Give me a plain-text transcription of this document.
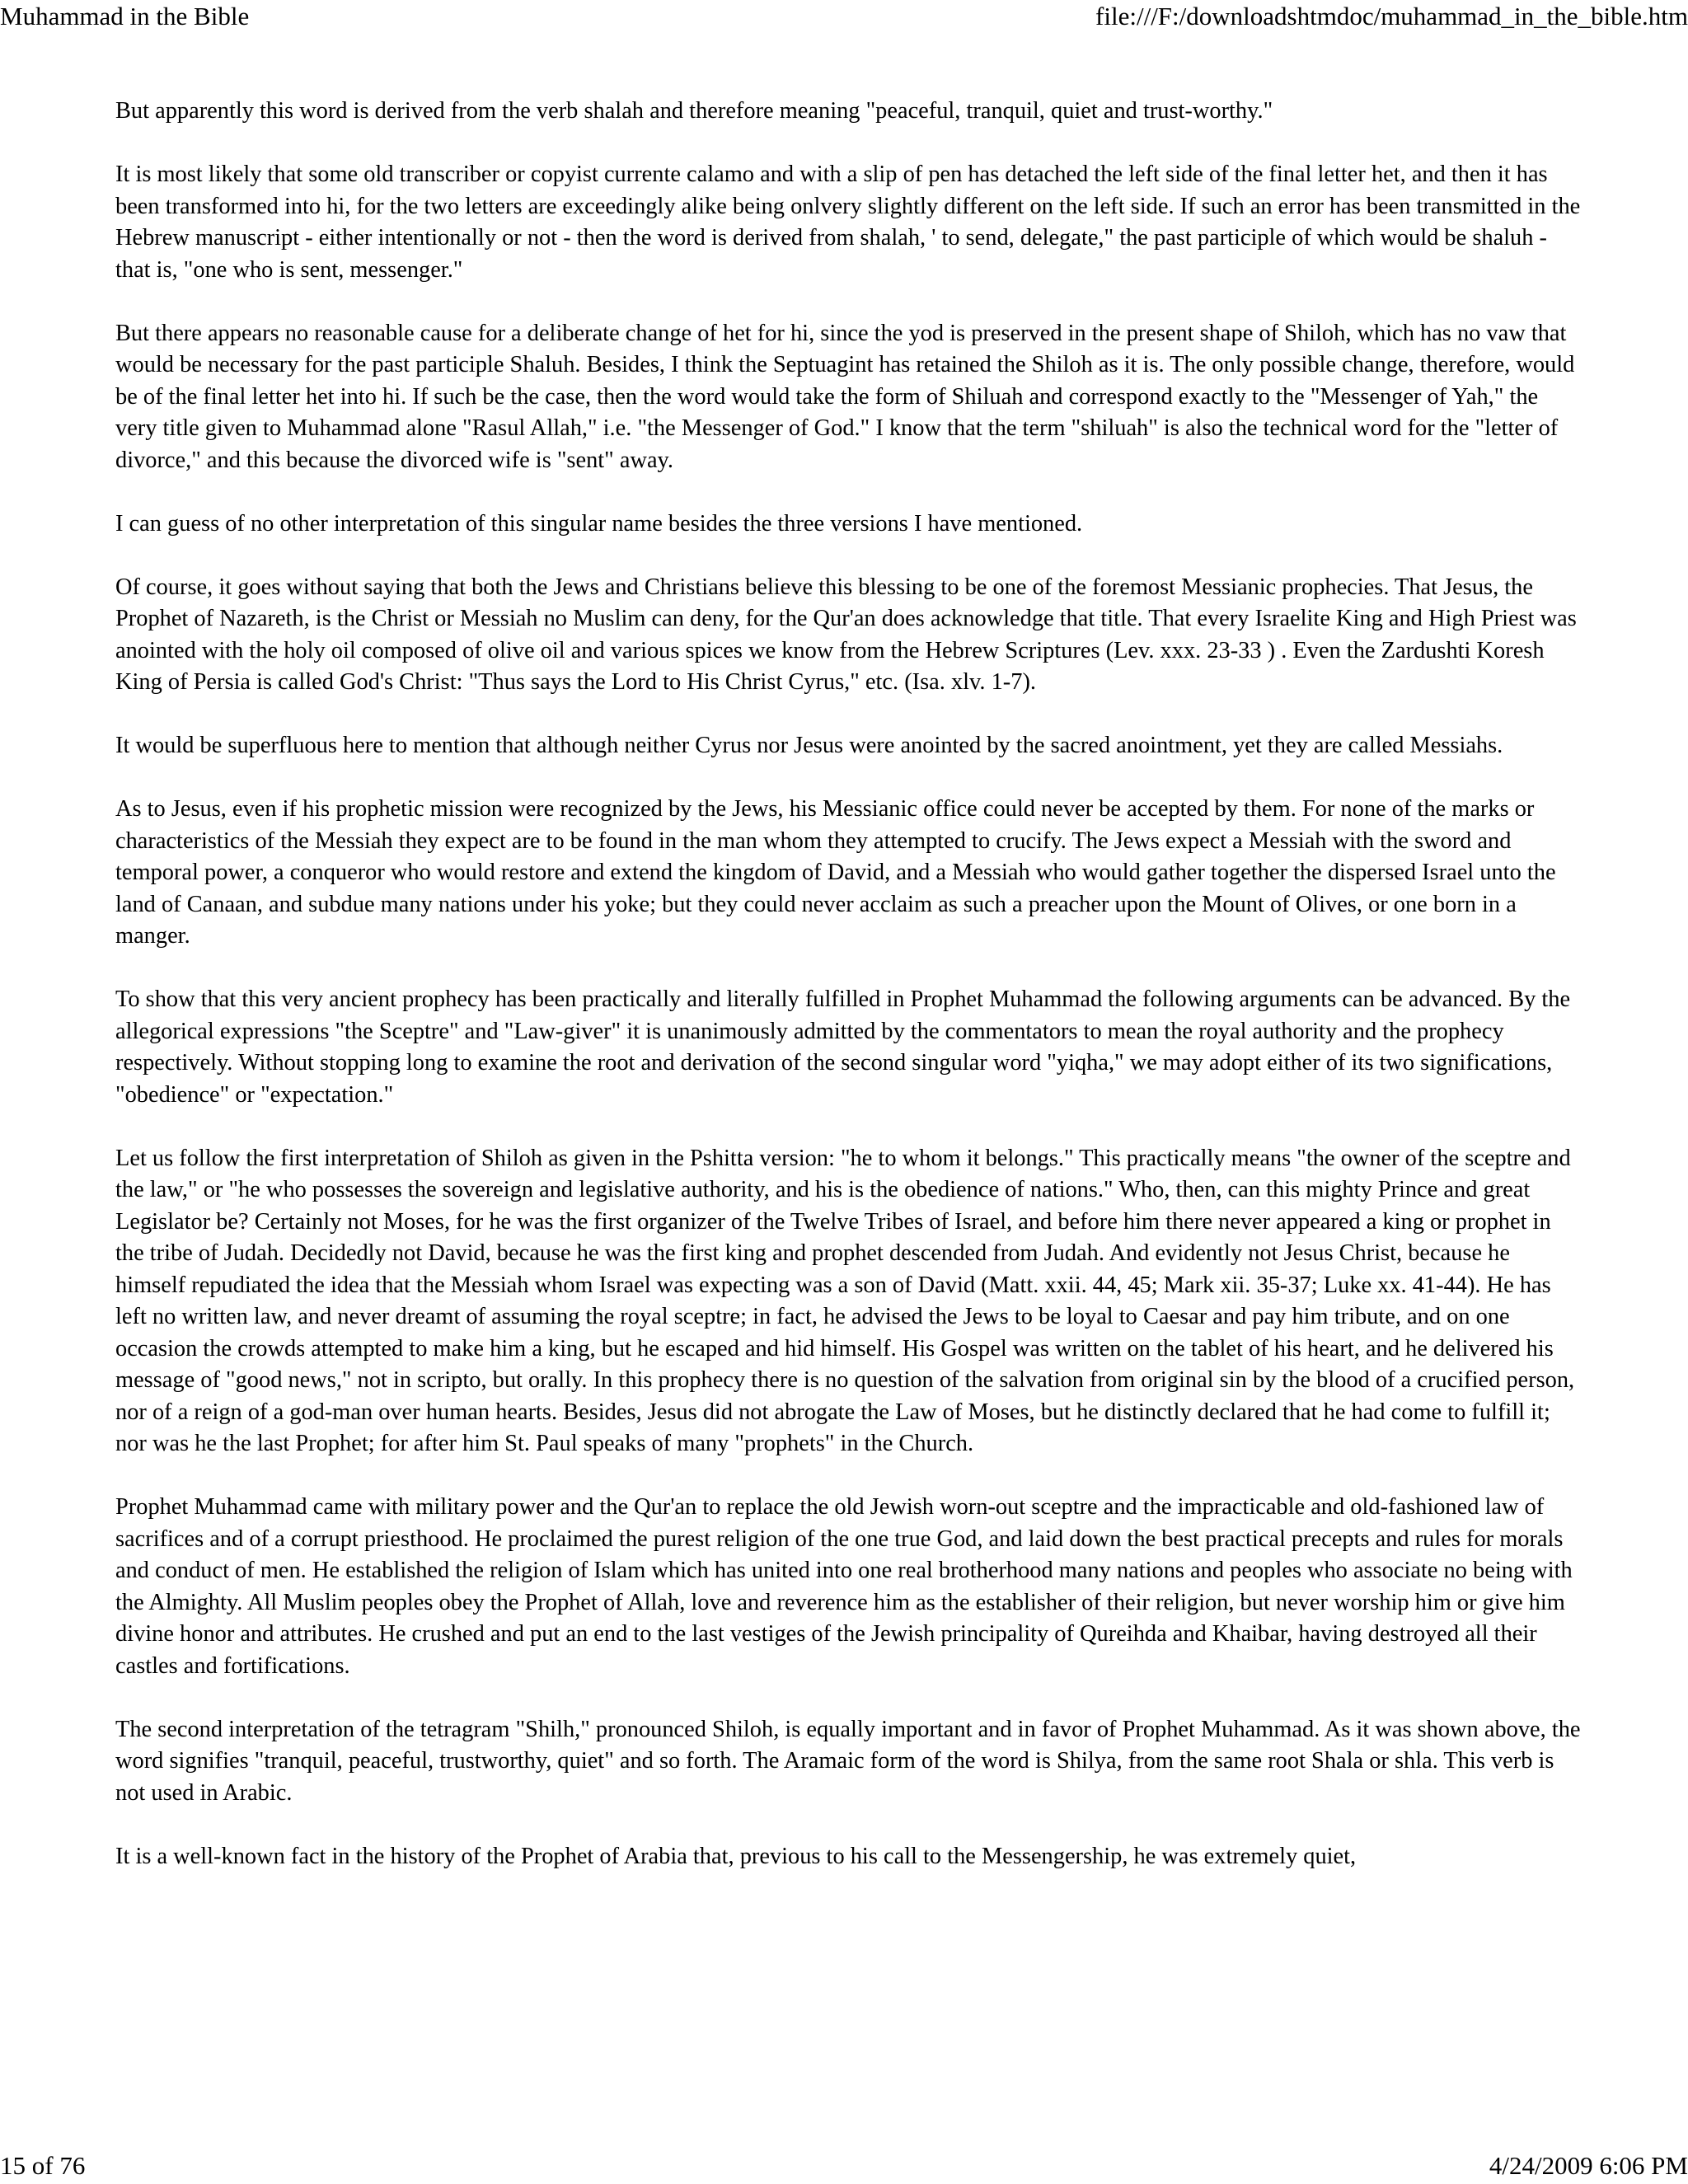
Muhammad in the Bible	file:///F:/downloadshtmdoc/muhammad_in_the_bible.htm

But apparently this word is derived from the verb shalah and therefore meaning "peaceful, tranquil, quiet and trust-worthy."

It is most likely that some old transcriber or copyist currente calamo and with a slip of pen has detached the left side of the final letter het, and then it has been transformed into hi, for the two letters are exceedingly alike being onlvery slightly different on the left side. If such an error has been transmitted in the Hebrew manuscript - either intentionally or not - then the word is derived from shalah, ' to send, delegate," the past participle of which would be shaluh - that is, "one who is sent, messenger."

But there appears no reasonable cause for a deliberate change of het for hi, since the yod is preserved in the present shape of Shiloh, which has no vaw that would be necessary for the past participle Shaluh. Besides, I think the Septuagint has retained the Shiloh as it is. The only possible change, therefore, would be of the final letter het into hi. If such be the case, then the word would take the form of Shiluah and correspond exactly to the "Messenger of Yah," the very title given to Muhammad alone "Rasul Allah," i.e. "the Messenger of God." I know that the term "shiluah" is also the technical word for the "letter of divorce," and this because the divorced wife is "sent" away.

I can guess of no other interpretation of this singular name besides the three versions I have mentioned.

Of course, it goes without saying that both the Jews and Christians believe this blessing to be one of the foremost Messianic prophecies. That Jesus, the Prophet of Nazareth, is the Christ or Messiah no Muslim can deny, for the Qur'an does acknowledge that title. That every Israelite King and High Priest was anointed with the holy oil composed of olive oil and various spices we know from the Hebrew Scriptures (Lev. xxx. 23-33 ) . Even the Zardushti Koresh King of Persia is called God's Christ: "Thus says the Lord to His Christ Cyrus," etc. (Isa. xlv. 1-7).

It would be superfluous here to mention that although neither Cyrus nor Jesus were anointed by the sacred anointment, yet they are called Messiahs.

As to Jesus, even if his prophetic mission were recognized by the Jews, his Messianic office could never be accepted by them. For none of the marks or characteristics of the Messiah they expect are to be found in the man whom they attempted to crucify. The Jews expect a Messiah with the sword and temporal power, a conqueror who would restore and extend the kingdom of David, and a Messiah who would gather together the dispersed Israel unto the land of Canaan, and subdue many nations under his yoke; but they could never acclaim as such a preacher upon the Mount of Olives, or one born in a manger.

To show that this very ancient prophecy has been practically and literally fulfilled in Prophet Muhammad the following arguments can be advanced. By the allegorical expressions "the Sceptre" and "Law-giver" it is unanimously admitted by the commentators to mean the royal authority and the prophecy respectively. Without stopping long to examine the root and derivation of the second singular word "yiqha," we may adopt either of its two significations, "obedience" or "expectation."

Let us follow the first interpretation of Shiloh as given in the Pshitta version: "he to whom it belongs." This practically means "the owner of the sceptre and the law," or "he who possesses the sovereign and legislative authority, and his is the obedience of nations." Who, then, can this mighty Prince and great Legislator be? Certainly not Moses, for he was the first organizer of the Twelve Tribes of Israel, and before him there never appeared a king or prophet in the tribe of Judah. Decidedly not David, because he was the first king and prophet descended from Judah. And evidently not Jesus Christ, because he himself repudiated the idea that the Messiah whom Israel was expecting was a son of David (Matt. xxii. 44, 45; Mark xii. 35-37; Luke xx. 41-44). He has left no written law, and never dreamt of assuming the royal sceptre; in fact, he advised the Jews to be loyal to Caesar and pay him tribute, and on one occasion the crowds attempted to make him a king, but he escaped and hid himself. His Gospel was written on the tablet of his heart, and he delivered his message of "good news," not in scripto, but orally. In this prophecy there is no question of the salvation from original sin by the blood of a crucified person, nor of a reign of a god-man over human hearts. Besides, Jesus did not abrogate the Law of Moses, but he distinctly declared that he had come to fulfill it; nor was he the last Prophet; for after him St. Paul speaks of many "prophets" in the Church.

Prophet Muhammad came with military power and the Qur'an to replace the old Jewish worn-out sceptre and the impracticable and old-fashioned law of sacrifices and of a corrupt priesthood. He proclaimed the purest religion of the one true God, and laid down the best practical precepts and rules for morals and conduct of men. He established the religion of Islam which has united into one real brotherhood many nations and peoples who associate no being with the Almighty. All Muslim peoples obey the Prophet of Allah, love and reverence him as the establisher of their religion, but never worship him or give him divine honor and attributes. He crushed and put an end to the last vestiges of the Jewish principality of Qureihda and Khaibar, having destroyed all their castles and fortifications.

The second interpretation of the tetragram "Shilh," pronounced Shiloh, is equally important and in favor of Prophet Muhammad. As it was shown above, the word signifies "tranquil, peaceful, trustworthy, quiet" and so forth. The Aramaic form of the word is Shilya, from the same root Shala or shla. This verb is not used in Arabic.

It is a well-known fact in the history of the Prophet of Arabia that, previous to his call to the Messengership, he was extremely quiet,

15 of 76	4/24/2009 6:06 PM
